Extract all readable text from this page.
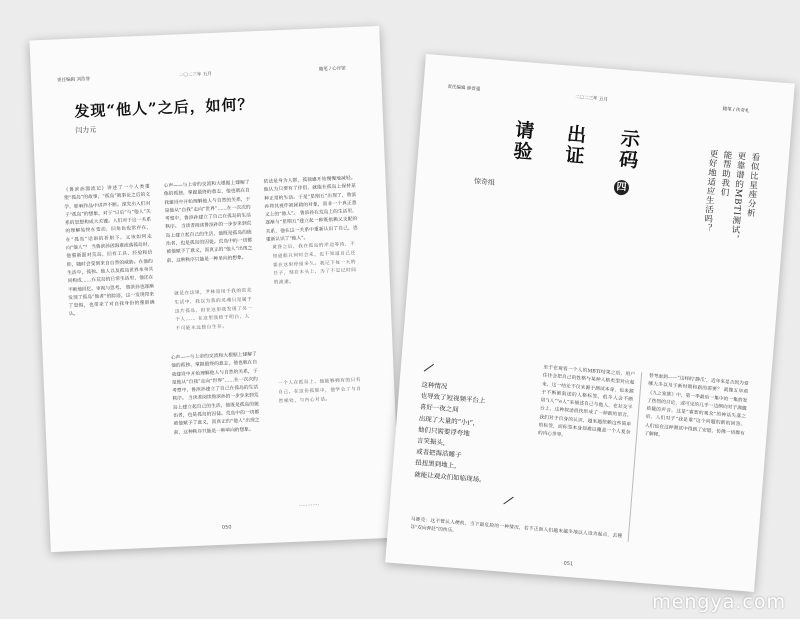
责任编辑 刘浩誉
二〇二三年 五月
随笔 / 心评馆
发现“他人”之后，如何？
闫力元

《鲁滨孙漂流记》讲述了一个人类重塑“孤岛”的故事，“孤岛”就事论之后的文学，影响作品中讲声不断。深究出入们对于“孤岛”的想象，对于“日后”与“他人”关系的思想构成大关键。人们对于这一关系的理解始终在变动，旧角色也常存在，在“孤岛”话语的折射下，又该如何走向“他人”？ 当鲁滨孙因海难流落孤岛时，他重新面对荒岛，旧有工具、经验和信仰，随时会受到来自自然的威胁。在他的生活中，孤独、他人以及孤岛世界本身共同构成……在荒岛的日常生活里，他还在不断地回忆、审视与思考。 鲁滨孙也逐渐发现了孤岛“他者”的踪迹，这一发现带来了恐惧，也带来了对自我身份的重新确认。

心声——与上帝的交流和大根据上建解了他的孤独，掌握最终的意志，他也就在自我建设中开始理解他人与自然的关系，于是他从“自我”走向“世界”……在一次次的考察中，鲁滨孙建立了自己在孤岛的生活秩序。 当读者阅读鲁滨孙的一步步来到荒岛上建立起自己的生活，他既是孤岛的统治者，也是孤岛的囚徒。荒岛中的一切都被他赋予了意义，而真正的“他人”出现之前，这种秩序只能是一种单向的想象。

就是在这里，尹林是用于我的荒芜生活中，我以为我的灵魂只是属于这片孤岛，但在这里我发现了另一个人…… 在这里我终于明白，人不可能永远独自生存。

心声——与上帝的交流和大根据上建解了他的孤独，掌握最终的意志，他也就在自我建设中开始理解他人与自然的关系，于是他从“自我”走向“世界”……在一次次的考察中，鲁滨孙建立了自己在孤岛的生活秩序。 当读者阅读鲁滨孙的一步步来到荒岛上建立起自己的生活，他既是孤岛的统治者，也是孤岛的囚徒。荒岛中的一切都被他赋予了意义，而真正的“他人”出现之前，这种秩序只能是一种单向的想象。

依法是身为人群，孤独感开始慢慢地减轻。他认为只要有了伴侣，就能在孤岛上保持某种正常的生活。于是“星期五”出现了，鲁滨孙将其视作被拯救的对象，而非一个真正意义上的“他人”。 鲁滨孙在荒岛上的生活里，逐渐与“星期五”建立起一种既依赖又支配的关系，他在这一关系中重新认识了自己，也重新认识了“他人”。

黄昏之后，我在孤岛的岸边等待，不知道船只何时会来，也不知道自己还要在这里停留多久。我记下每一天的日子，刻在木头上，为了不忘记时间的流逝。

一个人在孤岛上，他能够拥有的只有自己。在这份孤独中，他学会了与自然相处，与内心对话。

…………
050
责任编辑 薛晋强
二〇二三年 五月
随笔 / 传奇札
示码
出证
请验
四
惊奇组	看似比星座分析
更靠谱的MBTI测试，
能帮助我们
更好地适应生活吗？

这种情况
也导致了短视频平台上
喜好一夜之间
出现了大量的“小i”，
他们只需要浮夸地
言笑振头，
或者把海浩睡子
扭扭黑到地上，
就能让观众们如临现场。

至于在观看一个人的MBTI结果之后，用户往往会把自己的性格与某种人格类型对应起来，这一结论不仅来源于测试本身，也来源于不断被叙述的人格标签。很多人会不断用“i人”“e人”来描述自己与他人，在社交平台上，这种叙述很快形成了一种新的语言。 我们对于自身的认识，越来越依赖这些简单的标签，而标签本身却难以覆盖一个人复杂的内心世界。

替考虑到——“这样的‘静爪’，近年来是否因为爱哪大多以及于新时期和新的需要？ 就像五年前《九之家族》中，第一季最后一集中的一集恰发了热烈的讨论，或可见的几乎一边倒向对于满腹质疑的声音。这是“睿智的观众”的神话失落之后，人们对于“我是谁”这个问题的新的回答。 人们也在这种测试中得到了安慰，仿佛一切都有了解释。

马赛克：这不管认人梗机，当下最危险的一种情况，若不正面人们越来越多地以人设为起点，去搜寻“双向奔赴”的快乐。

051
mengya.com
